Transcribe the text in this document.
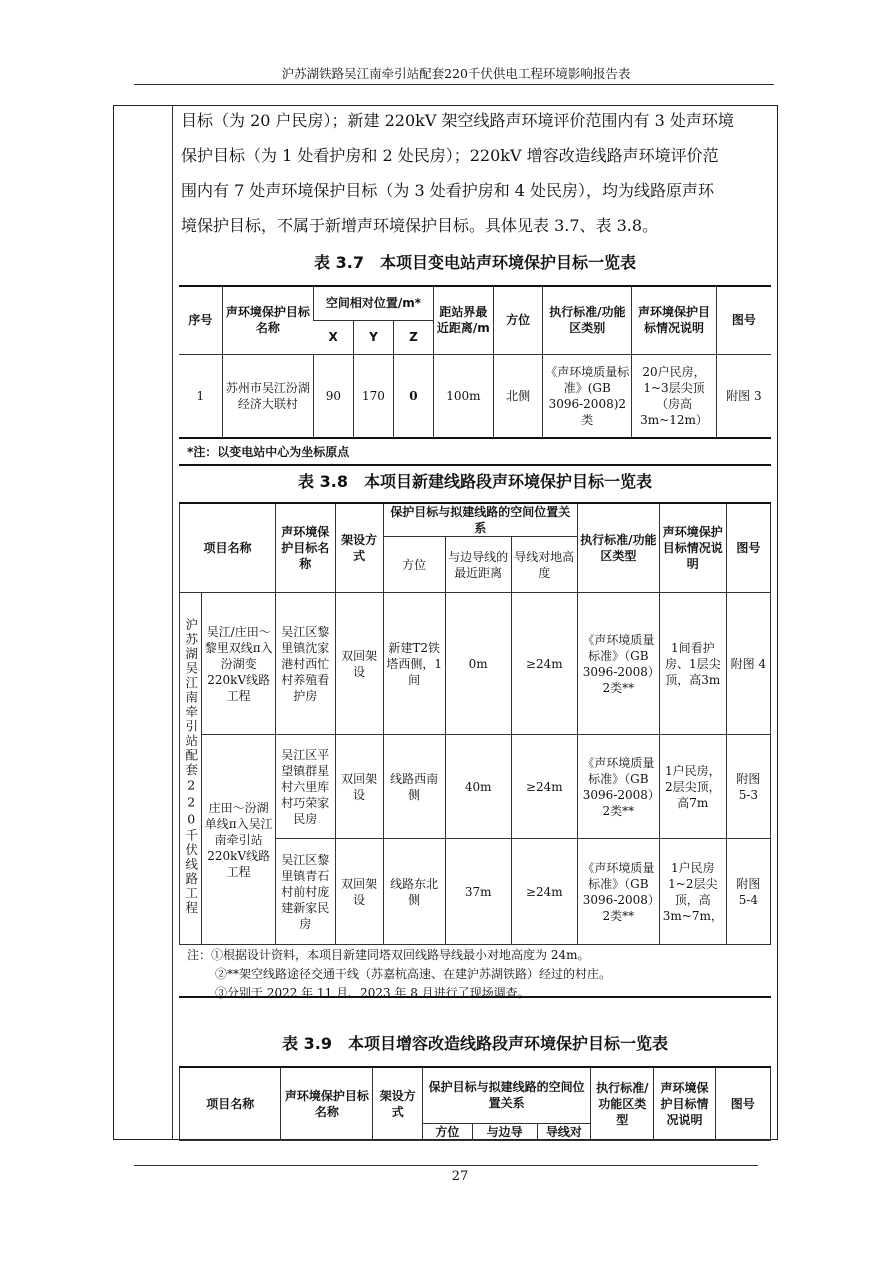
沪苏湖铁路吴江南牵引站配套220千伏供电工程环境影响报告表
目标（为 20 户民房）；新建 220kV 架空线路声环境评价范围内有 3 处声环境
保护目标（为 1 处看护房和 2 处民房）；220kV 增容改造线路声环境评价范
围内有 7 处声环境保护目标（为 3 处看护房和 4 处民房），均为线路原声环
境保护目标，不属于新增声环境保护目标。具体见表 3.7、表 3.8。
表 3.7　本项目变电站声环境保护目标一览表
序号	声环境保护目标名称	空间相对位置/m*			距站界最近距离/m	方位	执行标准/功能区类别	声环境保护目标情况说明	图号
		X	Y	Z					
1	苏州市吴江汾湖经济大联村	90	170	0	100m	北侧	《声环境质量标准》(GB 3096-2008)2类	20户民房，1~3层尖顶（房高3m~12m）	附图 3
*注：以变电站中心为坐标原点
表 3.8　本项目新建线路段声环境保护目标一览表
项目名称		声环境保护目标名称	架设方式	保护目标与拟建线路的空间位置关系			执行标准/功能区类型	声环境保护目标情况说明	图号
				方位	与边导线的最近距离	导线对地高度			
沪苏湖吴江南牵引站配套220千伏线路工程	吴江/庄田～黎里双线π入汾湖变220kV线路工程	吴江区黎里镇沈家港村西忙村养殖看护房	双回架设	新建T2铁塔西侧，1间	0m	≥24m	《声环境质量标准》（GB 3096-2008）2类**	1间看护房、1层尖顶，高3m	附图 4
	庄田～汾湖单线π入吴江南牵引站220kV线路工程	吴江区平望镇群星村六里库村巧荣家民房	双回架设	线路西南侧	40m	≥24m	《声环境质量标准》（GB 3096-2008）2类**	1户民房，2层尖顶，高7m	附图 5-3
		吴江区黎里镇青石村前村庞建新家民房	双回架设	线路东北侧	37m	≥24m	《声环境质量标准》（GB 3096-2008）2类**	1户民房 1~2层尖顶，高3m~7m，	附图 5-4
注：①根据设计资料，本项目新建同塔双回线路导线最小对地高度为 24m。
②**架空线路途径交通干线（苏嘉杭高速、在建沪苏湖铁路）经过的村庄。
③分别于 2022 年 11 月、2023 年 8 月进行了现场调查。
表 3.9　本项目增容改造线路段声环境保护目标一览表
项目名称	声环境保护目标名称	架设方式	保护目标与拟建线路的空间位置关系			执行标准/功能区类型	声环境保护目标情况说明	图号
			方位	与边导	导线对			
27
